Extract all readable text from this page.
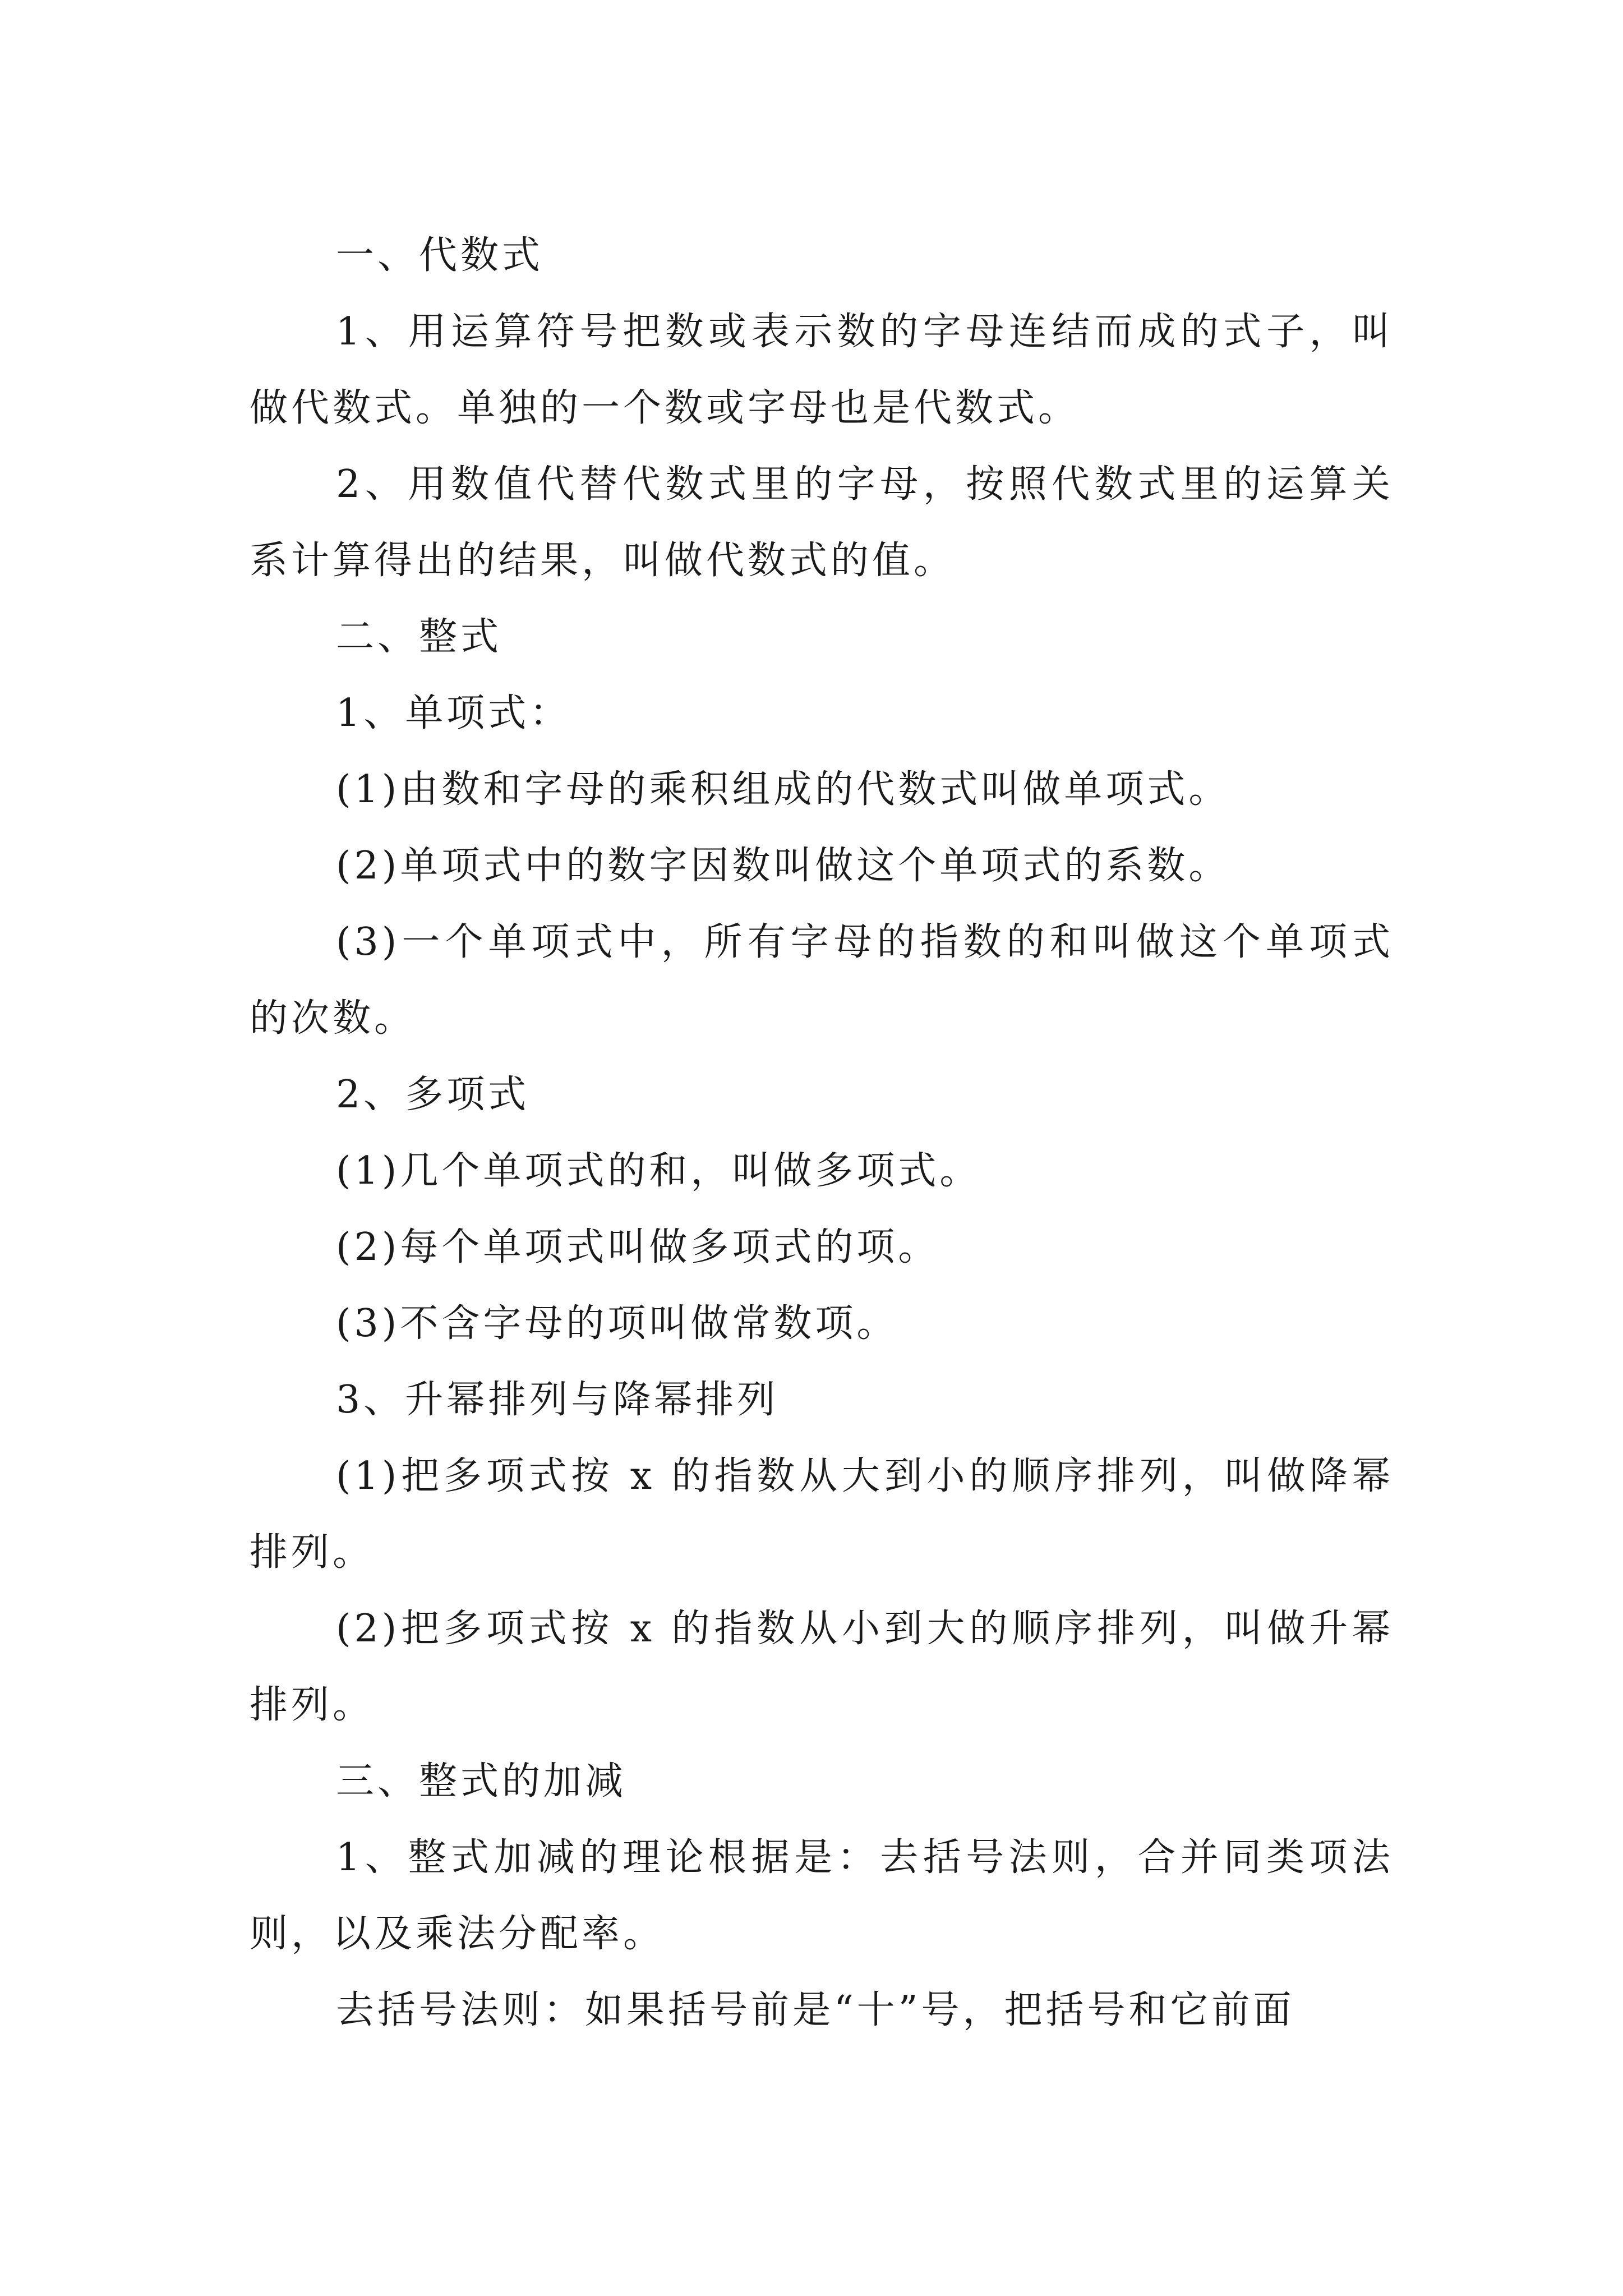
一、代数式

1、用运算符号把数或表示数的字母连结而成的式子，叫做代数式。单独的一个数或字母也是代数式。

2、用数值代替代数式里的字母，按照代数式里的运算关系计算得出的结果，叫做代数式的值。

二、整式

1、单项式：

(1)由数和字母的乘积组成的代数式叫做单项式。

(2)单项式中的数字因数叫做这个单项式的系数。

(3)一个单项式中，所有字母的指数的和叫做这个单项式的次数。

2、多项式

(1)几个单项式的和，叫做多项式。

(2)每个单项式叫做多项式的项。

(3)不含字母的项叫做常数项。

3、升幂排列与降幂排列

(1)把多项式按 x 的指数从大到小的顺序排列，叫做降幂排列。

(2)把多项式按 x 的指数从小到大的顺序排列，叫做升幂排列。

三、整式的加减

1、整式加减的理论根据是：去括号法则，合并同类项法则，以及乘法分配率。

去括号法则：如果括号前是“十”号，把括号和它前面
